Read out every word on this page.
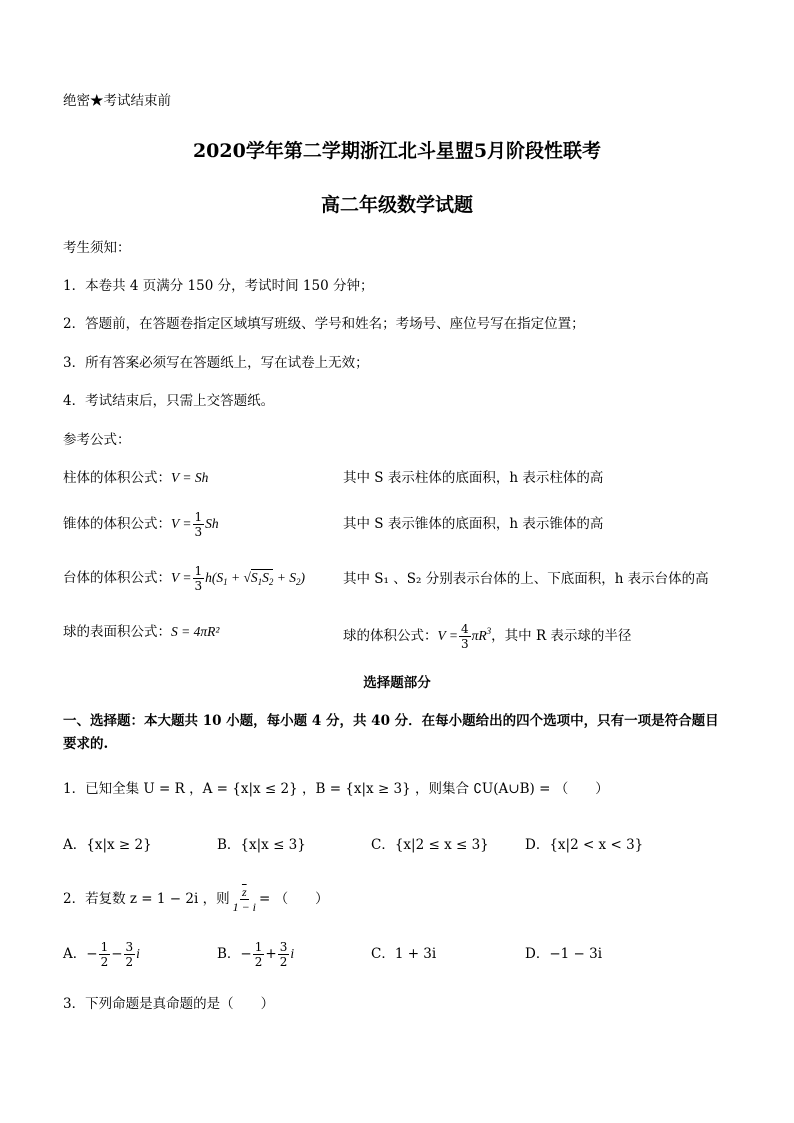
绝密★考试结束前
2020学年第二学期浙江北斗星盟5月阶段性联考
高二年级数学试题
考生须知：
1．本卷共 4 页满分 150 分，考试时间 150 分钟；
2．答题前，在答题卷指定区域填写班级、学号和姓名；考场号、座位号写在指定位置；
3．所有答案必须写在答题纸上，写在试卷上无效；
4．考试结束后，只需上交答题纸。
参考公式：
柱体的体积公式：V = Sh	其中 S 表示柱体的底面积，h 表示柱体的高
锥体的体积公式：$V = \frac{1}{3}$ Sh	其中 S 表示锥体的底面积，h 表示锥体的高
台体的体积公式：$V = \frac{1}{3} h(S_1 + √S_1S_2 + S_2)$	其中 S₁ 、S₂ 分别表示台体的上、下底面积，h 表示台体的高
球的表面积公式：S = 4πR²	球的体积公式：$V = \frac{4}{3} \pi R^3$，其中 R 表示球的半径
选择题部分
一、选择题：本大题共 10 小题，每小题 4 分，共 40 分．在每小题给出的四个选项中，只有一项是符合题目
要求的.
1．已知全集 U = R ，A = {x|x ≤ 2} ，B = {x|x ≥ 3} ，则集合 ∁U(A∪B) = （　　）
A．{x|x ≥ 2}	B．{x|x ≤ 3}	C．{x|2 ≤ x ≤ 3}	D．{x|2 < x < 3}
2．若复数 z = 1 − 2i ，则 $\frac{\overline{z}}{1 - i}$ = （　　）
A．− $\frac{1}{2} - \frac{3}{2}$ i	B．− $\frac{1}{2} + \frac{3}{2}$ i	C．1 + 3i	D．−1 − 3i
3．下列命题是真命题的是（　　）
